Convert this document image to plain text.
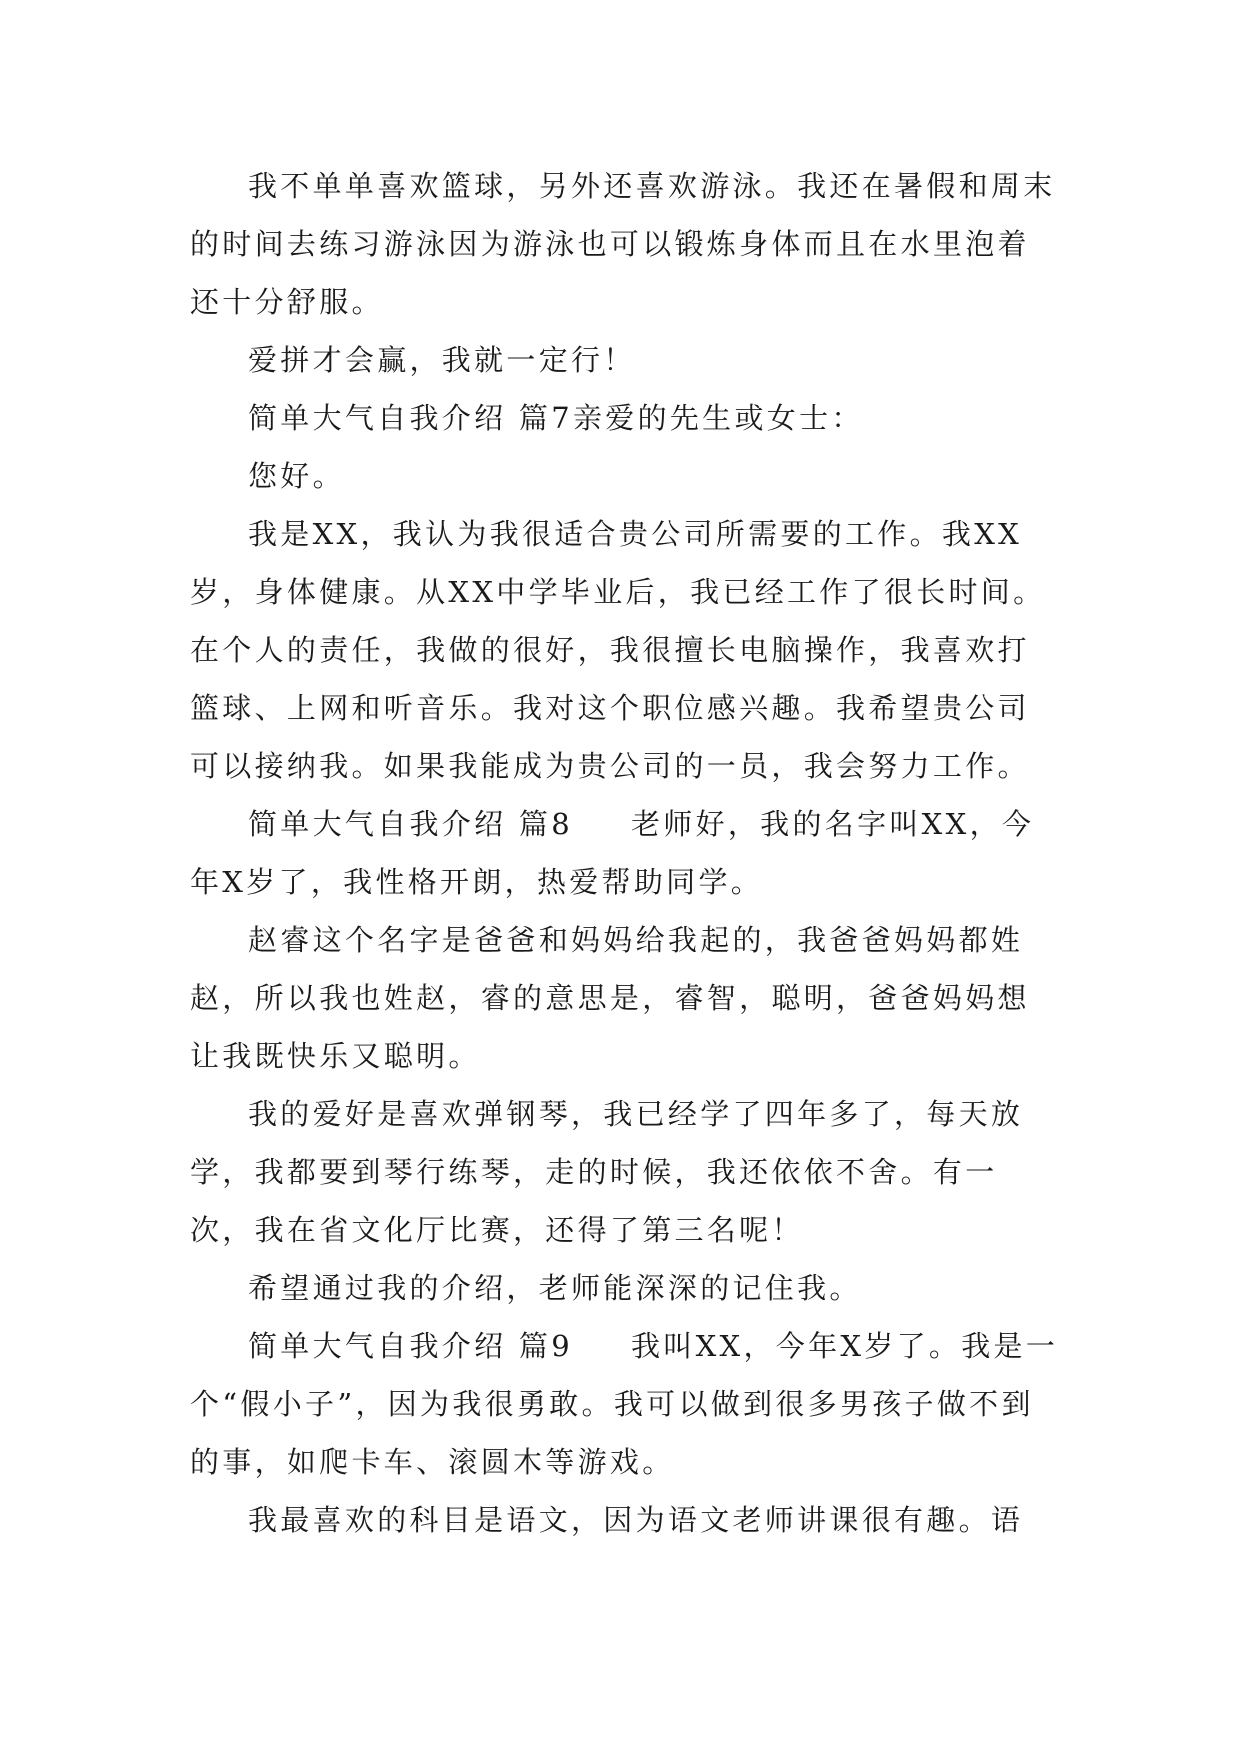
我不单单喜欢篮球，另外还喜欢游泳。我还在暑假和周末的时间去练习游泳因为游泳也可以锻炼身体而且在水里泡着还十分舒服。

爱拼才会赢，我就一定行！

简单大气自我介绍 篇7亲爱的先生或女士：

您好。

我是XX，我认为我很适合贵公司所需要的工作。我XX岁，身体健康。从XX中学毕业后，我已经工作了很长时间。在个人的责任，我做的很好，我很擅长电脑操作，我喜欢打篮球、上网和听音乐。我对这个职位感兴趣。我希望贵公司可以接纳我。如果我能成为贵公司的一员，我会努力工作。

简单大气自我介绍 篇8 老师好，我的名字叫XX，今年X岁了，我性格开朗，热爱帮助同学。

赵睿这个名字是爸爸和妈妈给我起的，我爸爸妈妈都姓赵，所以我也姓赵，睿的意思是，睿智，聪明，爸爸妈妈想让我既快乐又聪明。

我的爱好是喜欢弹钢琴，我已经学了四年多了，每天放学，我都要到琴行练琴，走的时候，我还依依不舍。有一次，我在省文化厅比赛，还得了第三名呢！

希望通过我的介绍，老师能深深的记住我。

简单大气自我介绍 篇9 我叫XX，今年X岁了。我是一个“假小子”，因为我很勇敢。我可以做到很多男孩子做不到的事，如爬卡车、滚圆木等游戏。

我最喜欢的科目是语文，因为语文老师讲课很有趣。语
